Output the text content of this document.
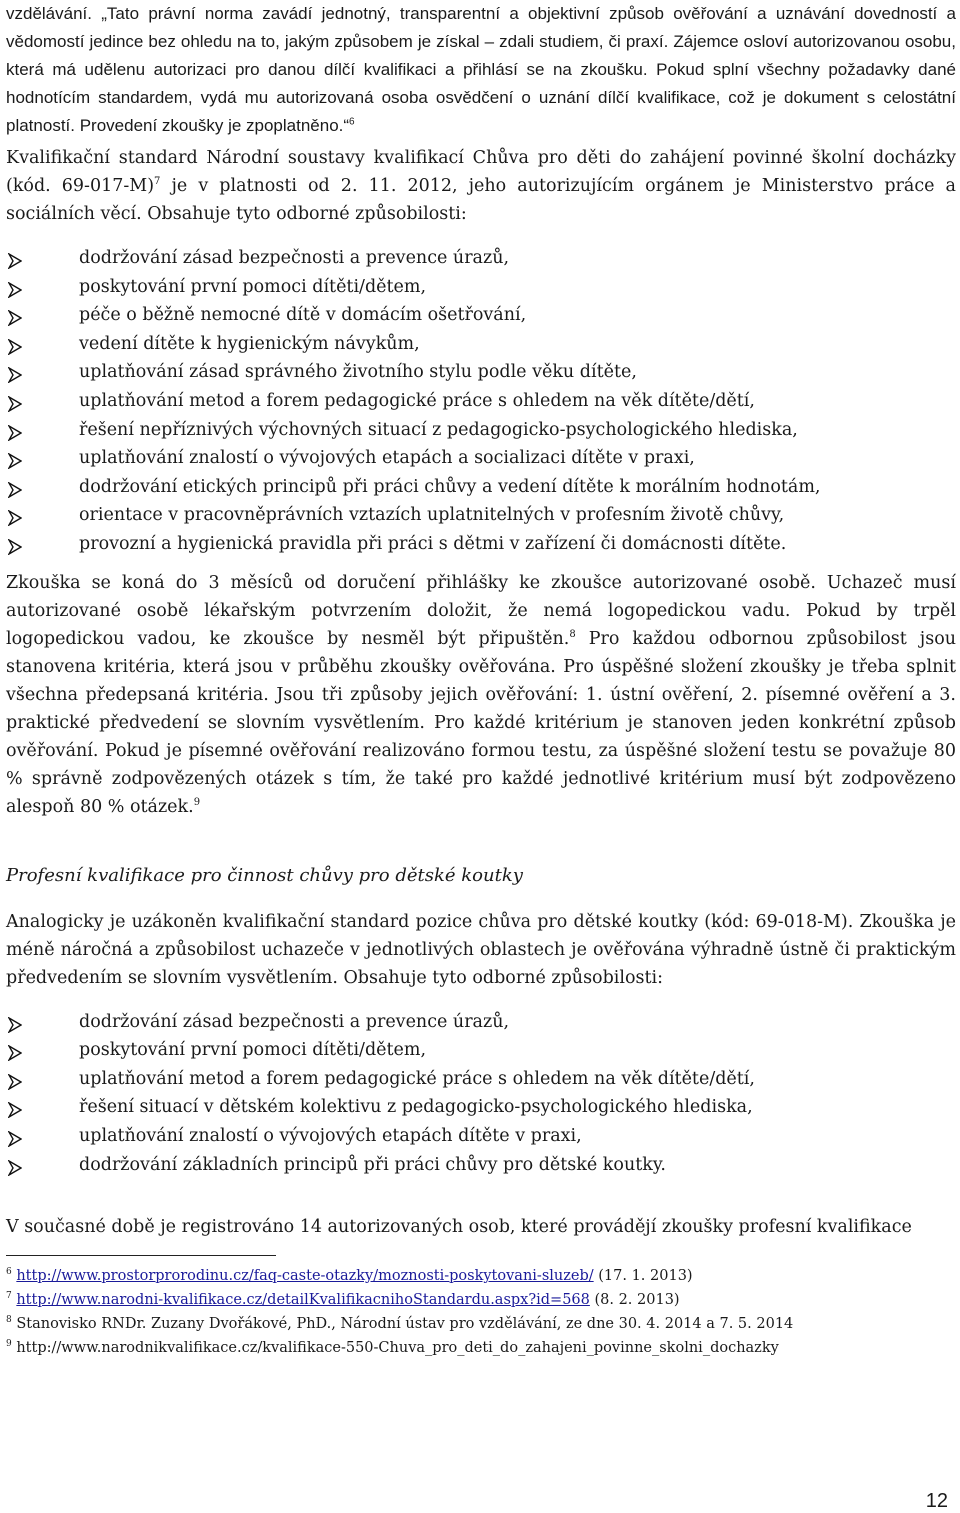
vzdělávání. „Tato právní norma zavádí jednotný, transparentní a objektivní způsob ověřování a uznávání dovedností a vědomostí jedince bez ohledu na to, jakým způsobem je získal – zdali studiem, či praxí. Zájemce osloví autorizovanou osobu, která má udělenu autorizaci pro danou dílčí kvalifikaci a přihlásí se na zkoušku. Pokud splní všechny požadavky dané hodnotícím standardem, vydá mu autorizovaná osoba osvědčení o uznání dílčí kvalifikace, což je dokument s celostátní platností. Provedení zkoušky je zpoplatněno.“$^6$

Kvalifikační standard Národní soustavy kvalifikací Chůva pro děti do zahájení povinné školní docházky (kód. 69-017-M)$^7$ je v platnosti od 2. 11. 2012, jeho autorizujícím orgánem je Ministerstvo práce a sociálních věcí. Obsahuje tyto odborné způsobilosti:

dodržování zásad bezpečnosti a prevence úrazů,
poskytování první pomoci dítěti/dětem,
péče o běžně nemocné dítě v domácím ošetřování,
vedení dítěte k hygienickým návykům,
uplatňování zásad správného životního stylu podle věku dítěte,
uplatňování metod a forem pedagogické práce s ohledem na věk dítěte/dětí,
řešení nepříznivých výchovných situací z pedagogicko-psychologického hlediska,
uplatňování znalostí o vývojových etapách a socializaci dítěte v praxi,
dodržování etických principů při práci chůvy a vedení dítěte k morálním hodnotám,
orientace v pracovněprávních vztazích uplatnitelných v profesním životě chůvy,
provozní a hygienická pravidla při práci s dětmi v zařízení či domácnosti dítěte.

Zkouška se koná do 3 měsíců od doručení přihlášky ke zkoušce autorizované osobě. Uchazeč musí autorizované osobě lékařským potvrzením doložit, že nemá logopedickou vadu. Pokud by trpěl logopedickou vadou, ke zkoušce by nesměl být připuštěn.$^8$ Pro každou odbornou způsobilost jsou stanovena kritéria, která jsou v průběhu zkoušky ověřována. Pro úspěšné složení zkoušky je třeba splnit všechna předepsaná kritéria. Jsou tři způsoby jejich ověřování: 1. ústní ověření, 2. písemné ověření a 3. praktické předvedení se slovním vysvětlením. Pro každé kritérium je stanoven jeden konkrétní způsob ověřování. Pokud je písemné ověřování realizováno formou testu, za úspěšné složení testu se považuje 80 % správně zodpovězených otázek s tím, že také pro každé jednotlivé kritérium musí být zodpovězeno alespoň 80 % otázek.$^9$

Profesní kvalifikace pro činnost chůvy pro dětské koutky

Analogicky je uzákoněn kvalifikační standard pozice chůva pro dětské koutky (kód: 69-018-M). Zkouška je méně náročná a způsobilost uchazeče v jednotlivých oblastech je ověřována výhradně ústně či praktickým předvedením se slovním vysvětlením. Obsahuje tyto odborné způsobilosti:

dodržování zásad bezpečnosti a prevence úrazů,
poskytování první pomoci dítěti/dětem,
uplatňování metod a forem pedagogické práce s ohledem na věk dítěte/dětí,
řešení situací v dětském kolektivu z pedagogicko-psychologického hlediska,
uplatňování znalostí o vývojových etapách dítěte v praxi,
dodržování základních principů při práci chůvy pro dětské koutky.

V současné době je registrováno 14 autorizovaných osob, které provádějí zkoušky profesní kvalifikace

$^6$ http://www.prostorprorodinu.cz/faq-caste-otazky/moznosti-poskytovani-sluzeb/ (17. 1. 2013)

$^7$ http://www.narodni-kvalifikace.cz/detailKvalifikacnihoStandardu.aspx?id=568 (8. 2. 2013)

$^8$ Stanovisko RNDr. Zuzany Dvořákové, PhD., Národní ústav pro vzdělávání, ze dne 30. 4. 2014 a 7. 5. 2014

$^9$ http://www.narodnikvalifikace.cz/kvalifikace-550-Chuva_pro_deti_do_zahajeni_povinne_skolni_dochazky

12
